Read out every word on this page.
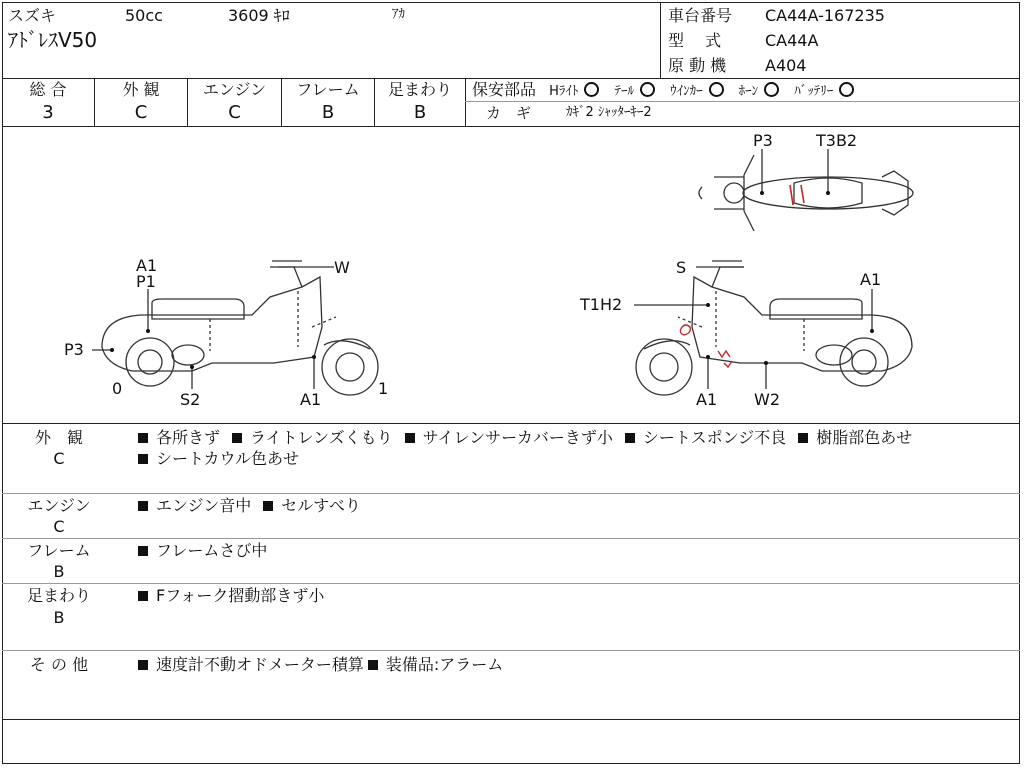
スズキ	50cc	3609 ｷﾛ	ｱｶ
ｱﾄﾞﾚｽV50
車台番号 CA44A-167235
型　 式	CA44A
原 動 機 A404
総 合
3
外 観
C
エンジン
C
フレーム
B
足まわり
B
保安部品 Hﾗｲﾄ	ﾃｰﾙ	ｳｲﾝｶｰ	ﾎｰﾝ	ﾊﾞｯﾃﾘｰ
カ　ギ	ｶｷﾞ2 ｼｬｯﾀｰｷｰ2
P3	T3B2
A1
P1
W
P3
0
S2	A1
1
S
A1
T1H2
A1 W2
外　観
C
各所きず ライトレンズくもり サイレンサーカバーきず小 シートスポンジ不良 樹脂部色あせ
シートカウル色あせ
エンジン
C
エンジン音中 セルすべり
フレーム
B
フレームさび中
足まわり
B
Fフォーク摺動部きず小
そ の 他	速度計不動オドメーター積算 装備品:アラーム
